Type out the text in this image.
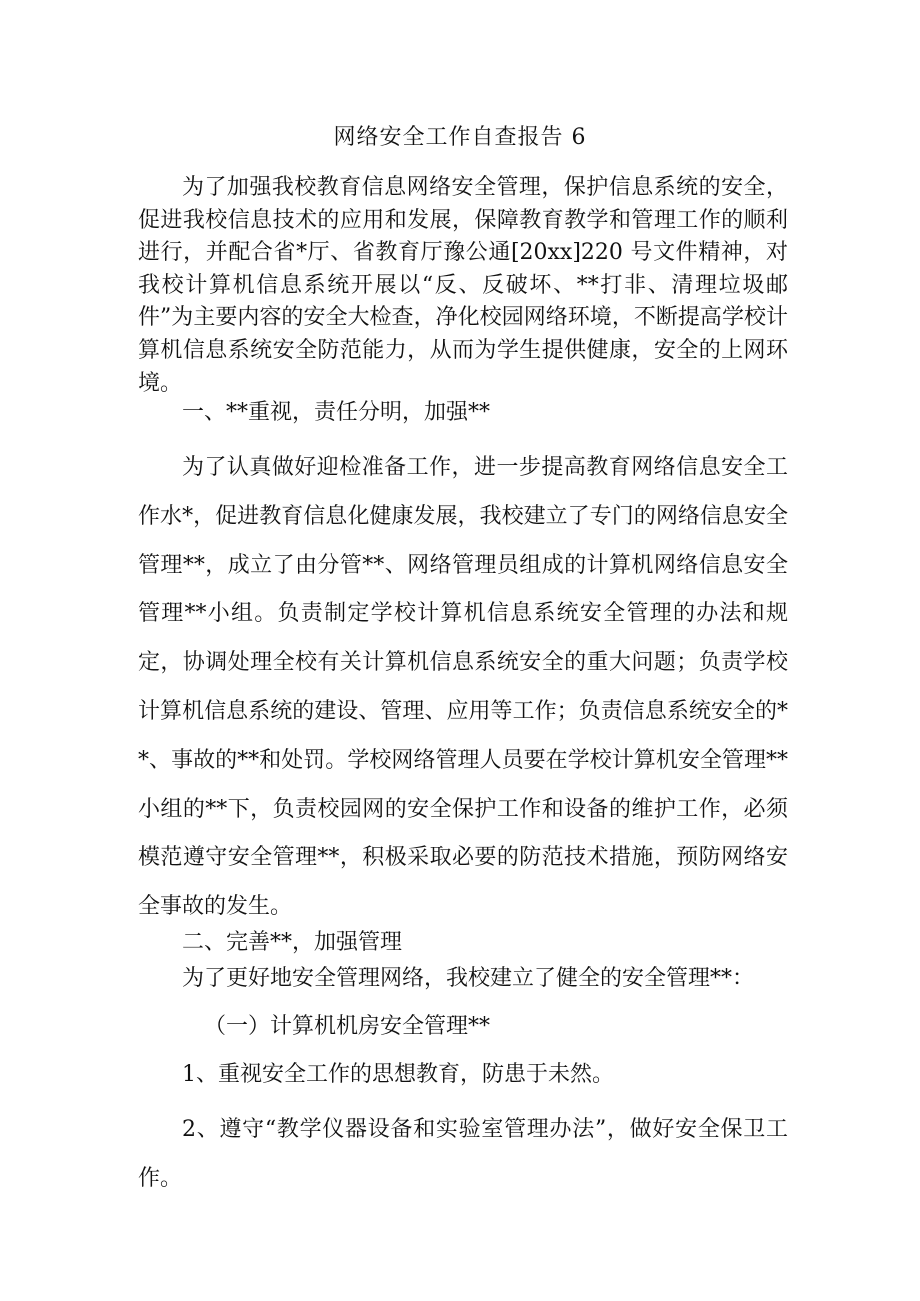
网络安全工作自查报告 6

为了加强我校教育信息网络安全管理，保护信息系统的安全，促进我校信息技术的应用和发展，保障教育教学和管理工作的顺利进行，并配合省*厅、省教育厅豫公通[20xx]220 号文件精神，对我校计算机信息系统开展以“反、反破坏、**打非、清理垃圾邮件”为主要内容的安全大检查，净化校园网络环境，不断提高学校计算机信息系统安全防范能力，从而为学生提供健康，安全的上网环境。

一、**重视，责任分明，加强**

为了认真做好迎检准备工作，进一步提高教育网络信息安全工作水*，促进教育信息化健康发展，我校建立了专门的网络信息安全管理**，成立了由分管**、网络管理员组成的计算机网络信息安全管理**小组。负责制定学校计算机信息系统安全管理的办法和规定，协调处理全校有关计算机信息系统安全的重大问题；负责学校计算机信息系统的建设、管理、应用等工作；负责信息系统安全的**、事故的**和处罚。学校网络管理人员要在学校计算机安全管理**小组的**下，负责校园网的安全保护工作和设备的维护工作，必须模范遵守安全管理**，积极采取必要的防范技术措施，预防网络安全事故的发生。

二、完善**，加强管理

为了更好地安全管理网络，我校建立了健全的安全管理**：

（一）计算机机房安全管理**

1、重视安全工作的思想教育，防患于未然。

2、遵守“教学仪器设备和实验室管理办法”，做好安全保卫工作。
